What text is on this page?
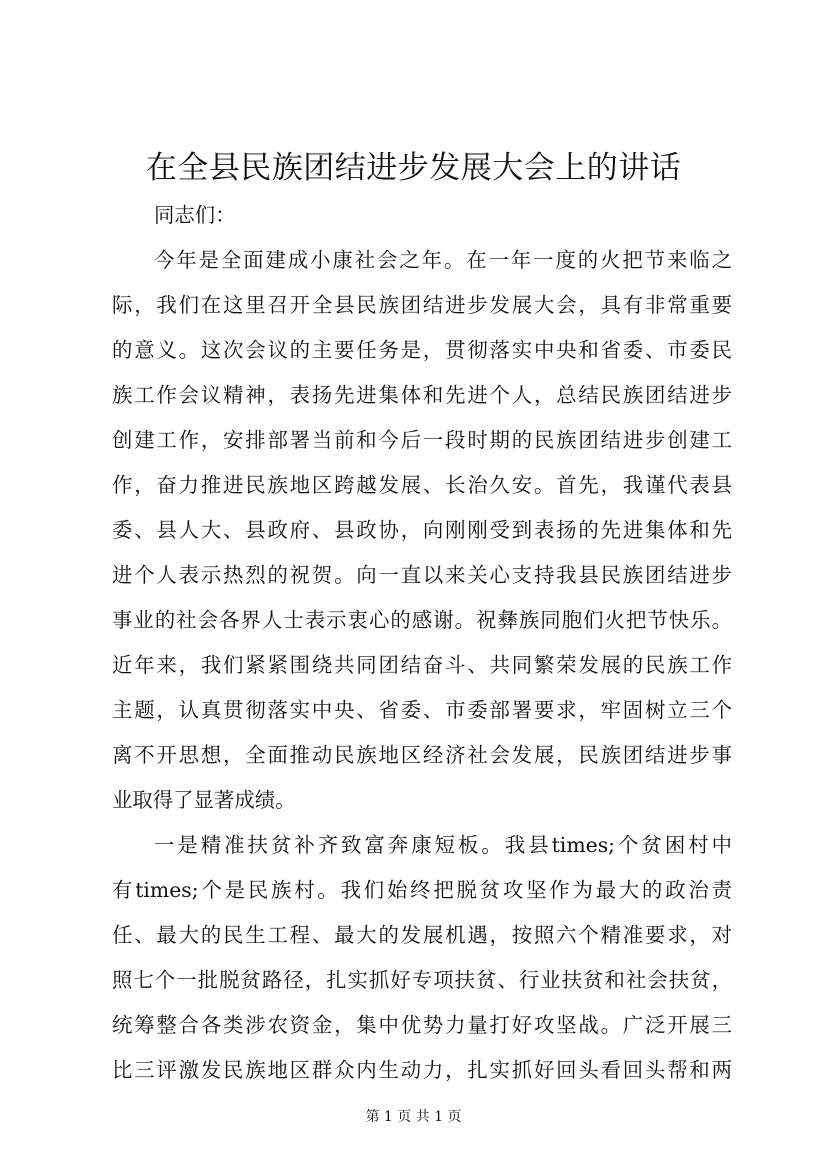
在全县民族团结进步发展大会上的讲话
同志们：
今年是全面建成小康社会之年。在一年一度的火把节来临之
际，我们在这里召开全县民族团结进步发展大会，具有非常重要
的意义。这次会议的主要任务是，贯彻落实中央和省委、市委民
族工作会议精神，表扬先进集体和先进个人，总结民族团结进步
创建工作，安排部署当前和今后一段时期的民族团结进步创建工
作，奋力推进民族地区跨越发展、长治久安。首先，我谨代表县
委、县人大、县政府、县政协，向刚刚受到表扬的先进集体和先
进个人表示热烈的祝贺。向一直以来关心支持我县民族团结进步
事业的社会各界人士表示衷心的感谢。祝彝族同胞们火把节快乐。
近年来，我们紧紧围绕共同团结奋斗、共同繁荣发展的民族工作
主题，认真贯彻落实中央、省委、市委部署要求，牢固树立三个
离不开思想，全面推动民族地区经济社会发展，民族团结进步事
业取得了显著成绩。
一是精准扶贫补齐致富奔康短板。我县times;个贫困村中
有times;个是民族村。我们始终把脱贫攻坚作为最大的政治责
任、最大的民生工程、最大的发展机遇，按照六个精准要求，对
照七个一批脱贫路径，扎实抓好专项扶贫、行业扶贫和社会扶贫，
统筹整合各类涉农资金，集中优势力量打好攻坚战。广泛开展三
比三评激发民族地区群众内生动力，扎实抓好回头看回头帮和两
第 1 页 共 1 页
